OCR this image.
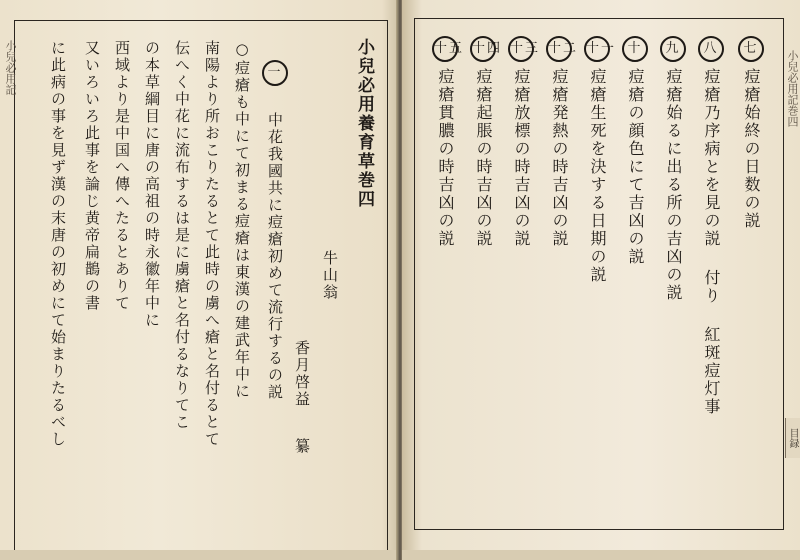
小兒必用養育草巻四
牛山翁
香月啓益纂
一 中花我國共に痘瘡初めて流行するの説
○痘瘡も中にて初まる痘瘡は東漢の建武年中に
南陽より所おこりたるとて此時の虜へ瘡と名付るとて
伝へく中花に流布するは是に虜瘡と名付るなりてこ
の本草綱目に唐の高祖の時永徽年中に
西域より是中国へ傳へたるとありて
又いろいろ此事を論じ黄帝扁鵲の書
に此病の事を見ず漢の末唐の初めにて始まりたるべし
小兒必用記	七痘瘡始終の日数の説
八痘瘡乃序病とを見の説 付り 紅斑痘灯事
九痘瘡始るに出る所の吉凶の説
十痘瘡の顔色にて吉凶の説
十一痘瘡生死を決する日期の説
十二痘瘡発熱の時吉凶の説
十三痘瘡放標の時吉凶の説
十四痘瘡起脹の時吉凶の説
十五痘瘡貫膿の時吉凶の説	小兒必用記巻四
目録
